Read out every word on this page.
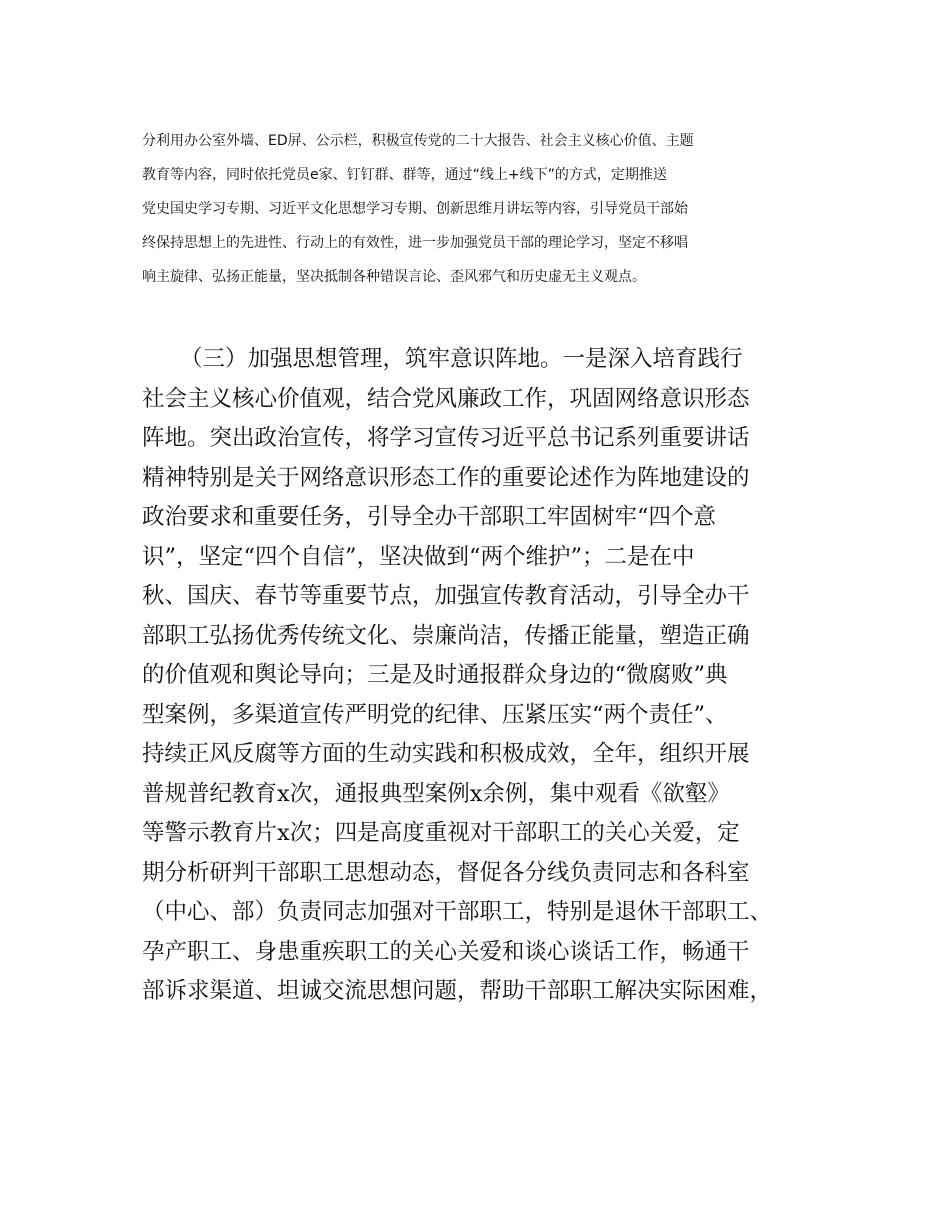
分利用办公室外墙、ED屏、公示栏，积极宣传党的二十大报告、社会主义核心价值、主题
教育等内容，同时依托党员e家、钉钉群、群等，通过“线上+线下”的方式，定期推送
党史国史学习专期、习近平文化思想学习专期、创新思维月讲坛等内容，引导党员干部始
终保持思想上的先进性、行动上的有效性，进一步加强党员干部的理论学习，坚定不移唱
响主旋律、弘扬正能量，坚决抵制各种错误言论、歪风邪气和历史虚无主义观点。
（三）加强思想管理，筑牢意识阵地。一是深入培育践行
社会主义核心价值观，结合党风廉政工作，巩固网络意识形态
阵地。突出政治宣传，将学习宣传习近平总书记系列重要讲话
精神特别是关于网络意识形态工作的重要论述作为阵地建设的
政治要求和重要任务，引导全办干部职工牢固树牢“四个意
识”，坚定“四个自信”，坚决做到“两个维护”；二是在中
秋、国庆、春节等重要节点，加强宣传教育活动，引导全办干
部职工弘扬优秀传统文化、崇廉尚洁，传播正能量，塑造正确
的价值观和舆论导向；三是及时通报群众身边的“微腐败”典
型案例，多渠道宣传严明党的纪律、压紧压实“两个责任”、
持续正风反腐等方面的生动实践和积极成效，全年，组织开展
普规普纪教育x次，通报典型案例x余例，集中观看《欲壑》
等警示教育片x次；四是高度重视对干部职工的关心关爱，定
期分析研判干部职工思想动态，督促各分线负责同志和各科室
（中心、部）负责同志加强对干部职工，特别是退休干部职工、
孕产职工、身患重疾职工的关心关爱和谈心谈话工作，畅通干
部诉求渠道、坦诚交流思想问题，帮助干部职工解决实际困难，
